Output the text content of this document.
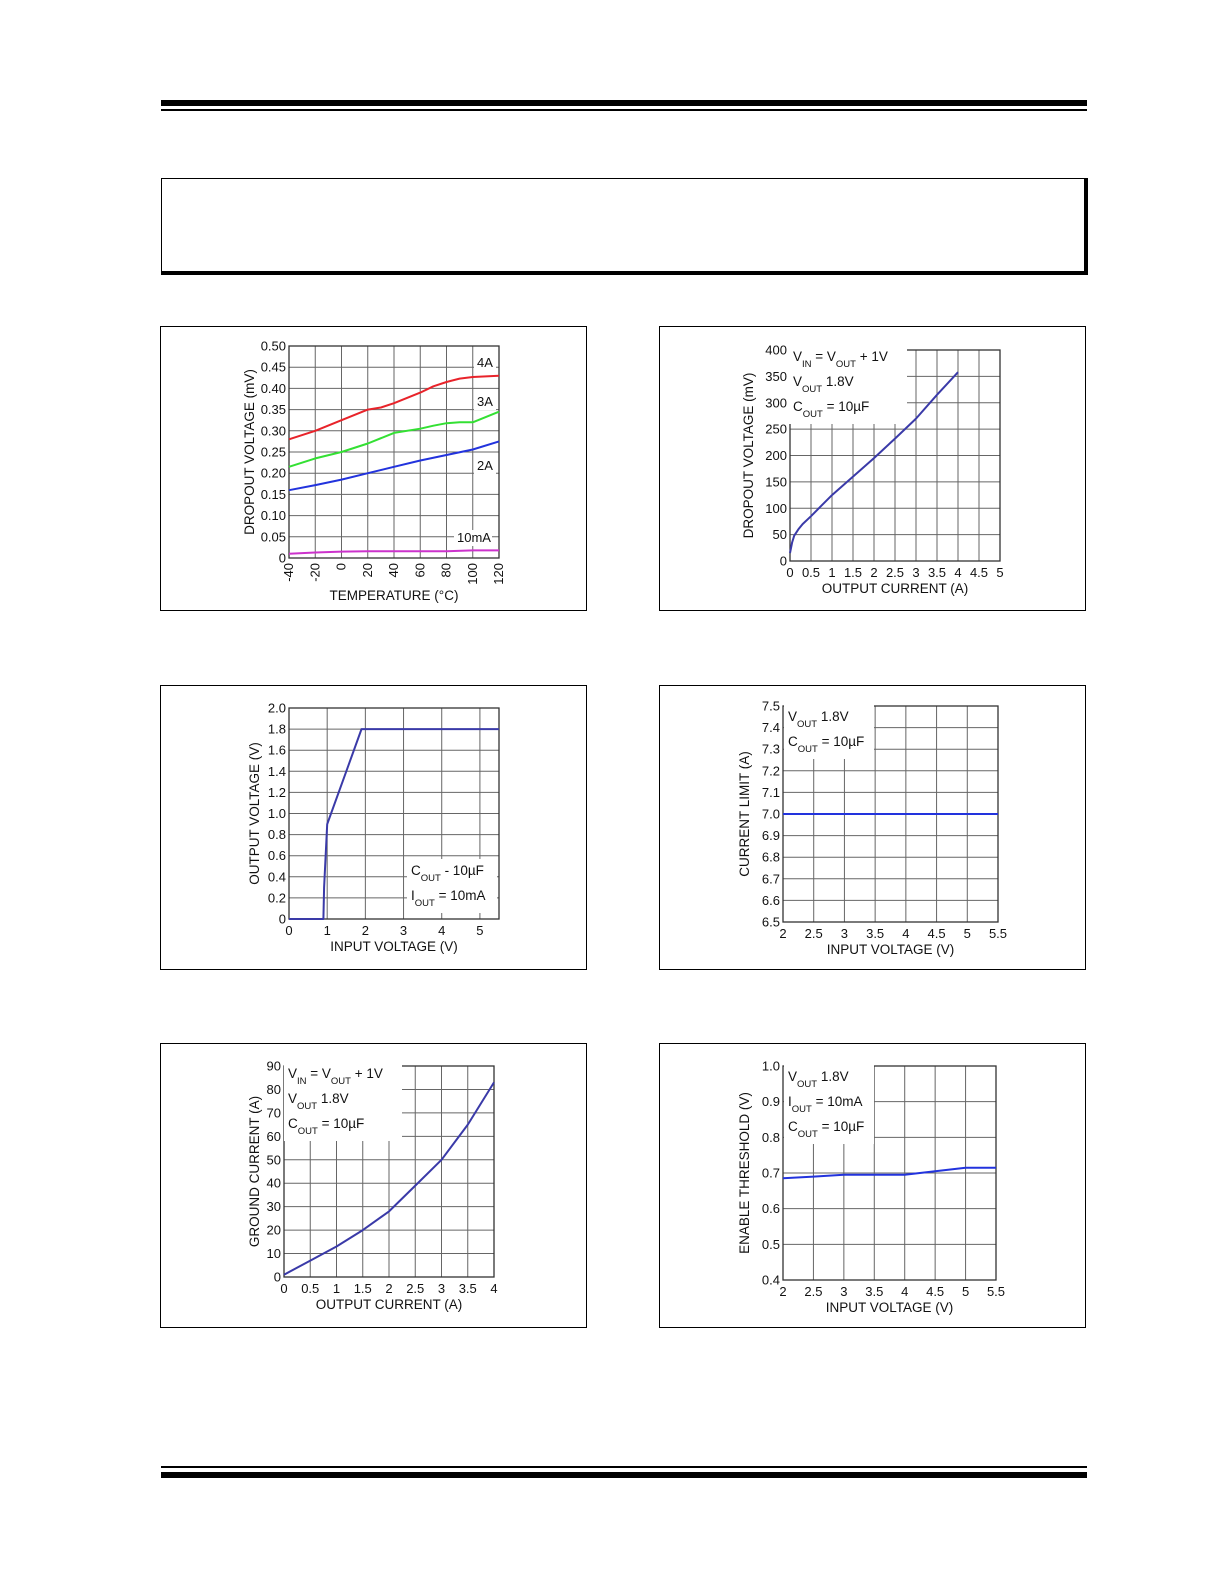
4A
3A
2A
10mA
-40 -20 0 20 40 60 80 100 120
0
0.05
0.10
0.15
0.20
0.25
0.30
0.35
0.40
0.45
0.50
TEMPERATURE (°C)
DROPOUT VOLTAGE (mV)
0 0.5 1 1.5 2 2.5 3 3.5 4 4.5 5
0
50
100
150
200
250
300
350
400
OUTPUT CURRENT (A)
DROPOUT VOLTAGE (mV)
$V_{IN} = V_{OUT} + 1V$
$V_{OUT}$ 1.8V
$C_{OUT} = 10\mu F$
0 1 2 3 4 5
0
0.2
0.4
0.6
0.8
1.0
1.2
1.4
1.6
1.8
2.0
INPUT VOLTAGE (V)
OUTPUT VOLTAGE (V)	$C_{OUT} - 10\mu F$
$I_{OUT} = 10mA$
2 2.5 3 3.5 4 4.5 5 5.5
6.5
6.6
6.7
6.8
6.9
7.0
7.1
7.2
7.3
7.4
7.5
INPUT VOLTAGE (V)
CURRENT LIMIT (A)
$V_{OUT}$ 1.8V
$C_{OUT} = 10\mu F$
0 0.5 1 1.5 2 2.5 3 3.5 4
0
10
20
30
40
50
60
70
80
90
OUTPUT CURRENT (A)
GROUND CURRENT (A)
$V_{IN} = V_{OUT} + 1V$
$V_{OUT}$ 1.8V
$C_{OUT} = 10\mu F$
2 2.5 3 3.5 4 4.5 5 5.5
0.4
0.5
0.6
0.7
0.8
0.9
1.0
INPUT VOLTAGE (V)
ENABLE THRESHOLD (V)
$V_{OUT}$ 1.8V
$I_{OUT} = 10mA$
$C_{OUT} = 10\mu F$
